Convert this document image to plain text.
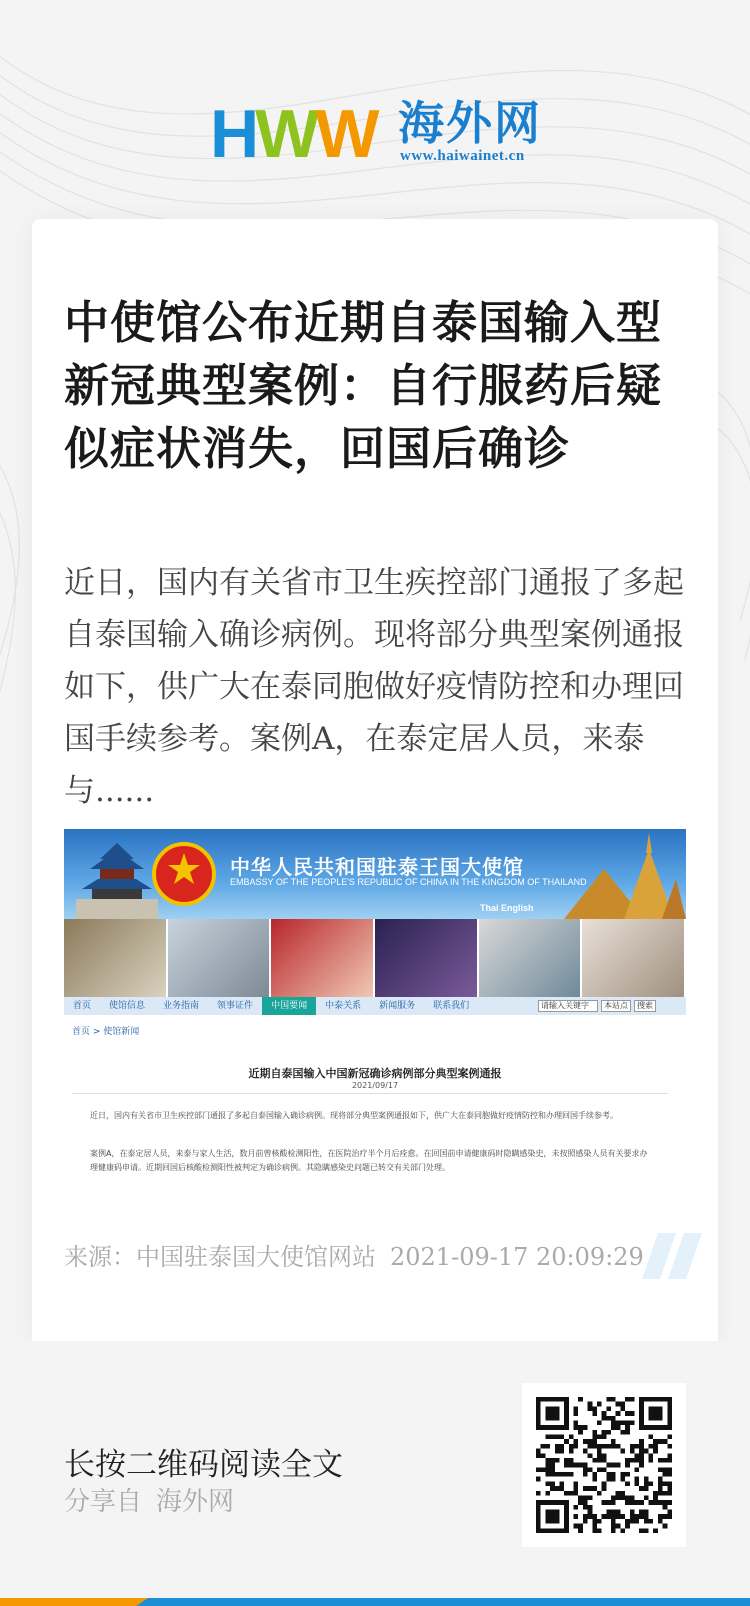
HWW 海外网
www.haiwainet.cn
中使馆公布近期自泰国输入型新冠典型案例：自行服药后疑似症状消失，回国后确诊

近日，国内有关省市卫生疾控部门通报了多起自泰国输入确诊病例。现将部分典型案例通报如下，供广大在泰同胞做好疫情防控和办理回国手续参考。案例A，在泰定居人员，来泰与......

中华人民共和国驻泰王国大使馆
EMBASSY OF THE PEOPLE'S REPUBLIC OF CHINA IN THE KINGDOM OF THAILAND
Thai English
首页	使馆信息	业务指南	领事证件	中国要闻	中泰关系	新闻服务	联系我们	请输入关键字	本站点	搜索
首页 > 使馆新闻
近期自泰国输入中国新冠确诊病例部分典型案例通报
2021/09/17

近日，国内有关省市卫生疾控部门通报了多起自泰国输入确诊病例。现将部分典型案例通报如下，供广大在泰同胞做好疫情防控和办理回国手续参考。

案例A，在泰定居人员，来泰与家人生活，数月前曾核酸检测阳性，在医院治疗半个月后痊愈。在回国前申请健康码时隐瞒感染史，未按照感染人员有关要求办理健康码申请。近期回国后核酸检测阳性被判定为确诊病例。其隐瞒感染史问题已转交有关部门处理。

来源：中国驻泰国大使馆网站 2021-09-17 20:09:29
长按二维码阅读全文
分享自 海外网
